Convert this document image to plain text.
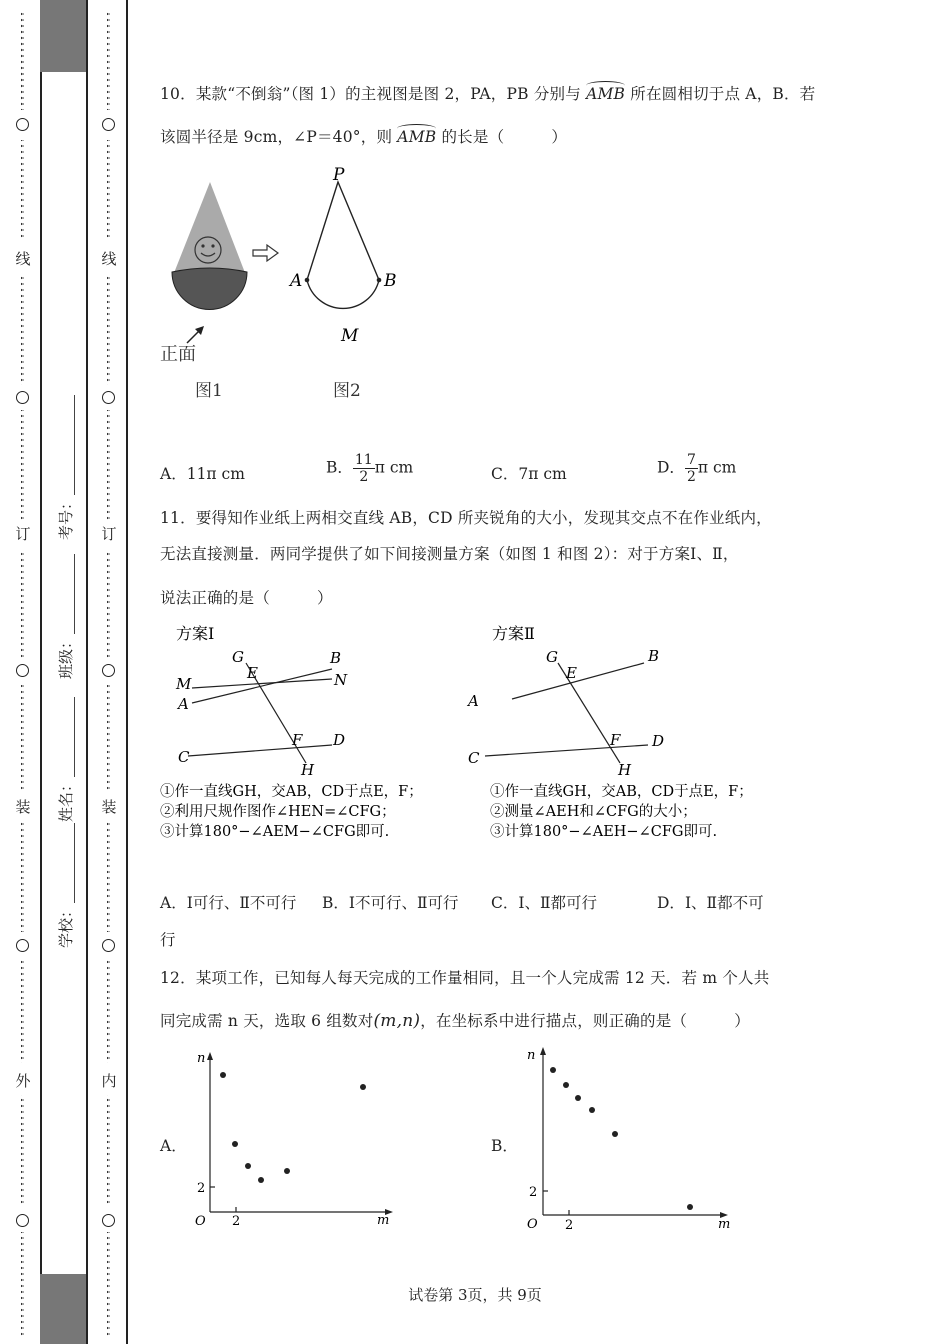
线
订
装
外
线
订
装
内
学校：
姓名：
班级：
考号：
10．某款“不倒翁”（图 1）的主视图是图 2，PA，PB 分别与 AMB 所在圆相切于点 A，B．若
该圆半径是 9cm，∠P＝40°，则 AMB 的长是（　　　）
正面
图1
P
A	B
M
图2
A．11π cm	B． $\frac{11}{2}$ π cm	C．7π cm	D． $\frac{7}{2}$ π cm
11．要得知作业纸上两相交直线 AB，CD 所夹锐角的大小，发现其交点不在作业纸内，
无法直接测量．两同学提供了如下间接测量方案（如图 1 和图 2）：对于方案Ⅰ、Ⅱ，
说法正确的是（　　　）
方案Ⅰ
G
E
B
M	N
A
F D
C
H
①作一直线GH，交AB，CD于点E，F；
②利用尺规作图作∠HEN=∠CFG；
③计算180°−∠AEM−∠CFG即可.
方案Ⅱ
G
E
B
A
F D
C
H
①作一直线GH，交AB，CD于点E，F；
②测量∠AEH和∠CFG的大小；
③计算180°−∠AEH−∠CFG即可.
A．Ⅰ可行、Ⅱ不可行 B．Ⅰ不可行、Ⅱ可行 C．Ⅰ、Ⅱ都可行	D．Ⅰ、Ⅱ都不可
行
12．某项工作，已知每人每天完成的工作量相同，且一个人完成需 12 天．若 m 个人共
同完成需 n 天，选取 6 组数对(m,n)，在坐标系中进行描点，则正确的是（　　　）
A．	B．
n
m
O 2
2
n
m
O 2
2
试卷第 3页，共 9页
